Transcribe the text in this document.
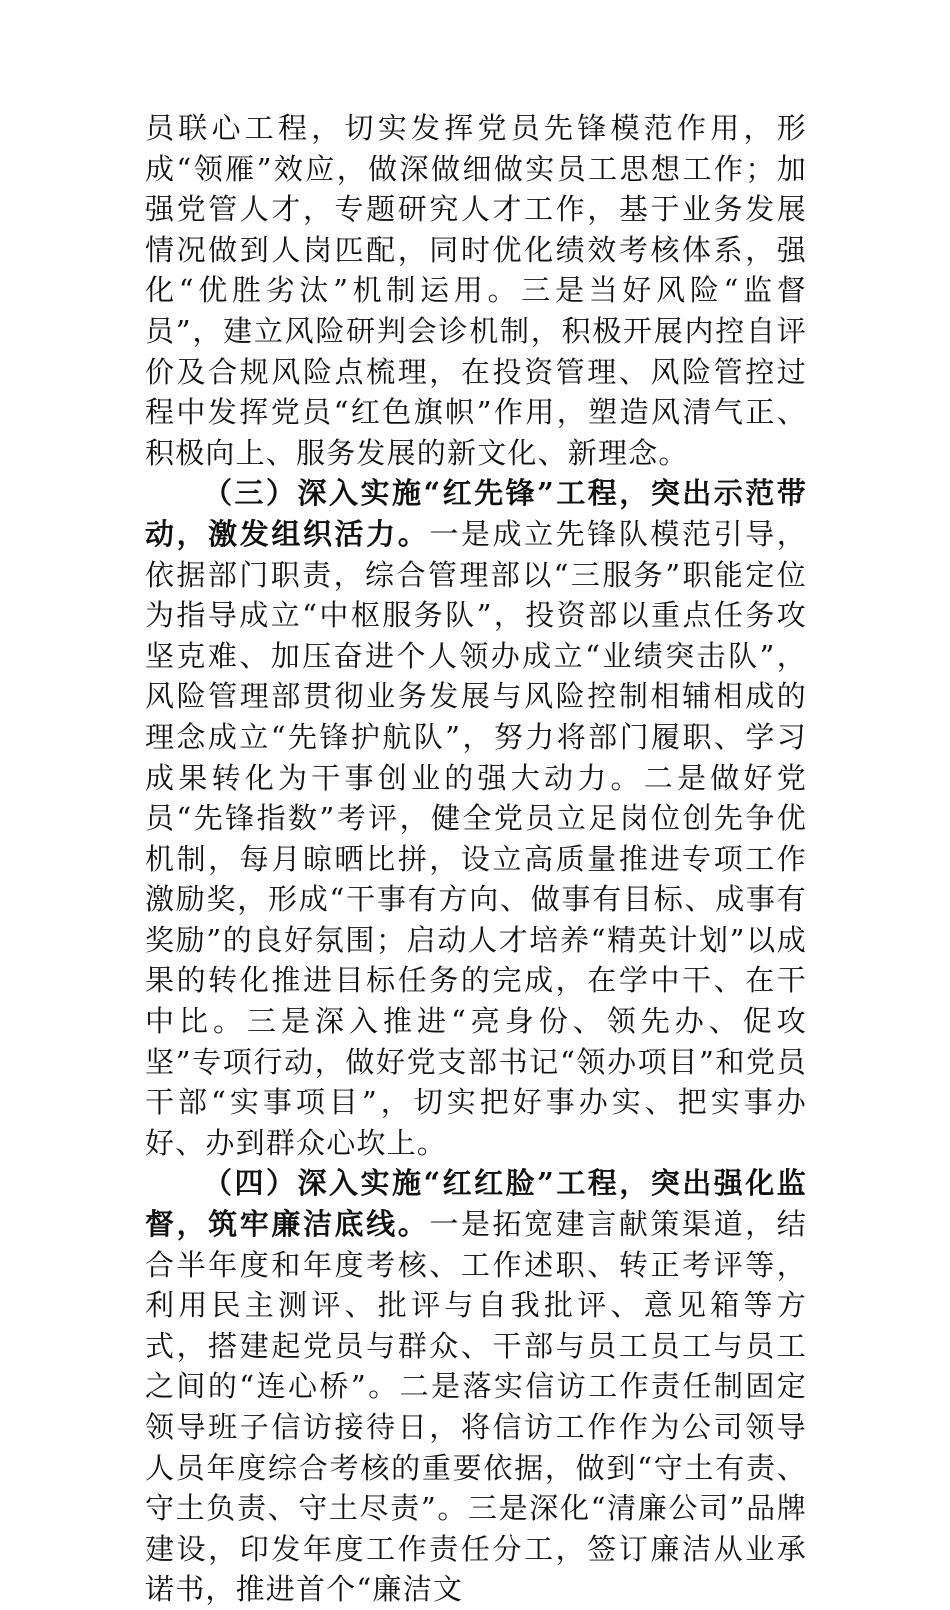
员联心工程，切实发挥党员先锋模范作用，形成“领雁”效应，做深做细做实员工思想工作；加强党管人才，专题研究人才工作，基于业务发展情况做到人岗匹配，同时优化绩效考核体系，强化“优胜劣汰”机制运用。三是当好风险“监督员”，建立风险研判会诊机制，积极开展内控自评价及合规风险点梳理，在投资管理、风险管控过程中发挥党员“红色旗帜”作用，塑造风清气正、积极向上、服务发展的新文化、新理念。

（三）深入实施“红先锋”工程，突出示范带动，激发组织活力。一是成立先锋队模范引导，依据部门职责，综合管理部以“三服务”职能定位为指导成立“中枢服务队”，投资部以重点任务攻坚克难、加压奋进个人领办成立“业绩突击队”，风险管理部贯彻业务发展与风险控制相辅相成的理念成立“先锋护航队”，努力将部门履职、学习成果转化为干事创业的强大动力。二是做好党员“先锋指数”考评，健全党员立足岗位创先争优机制，每月晾晒比拼，设立高质量推进专项工作激励奖，形成“干事有方向、做事有目标、成事有奖励”的良好氛围；启动人才培养“精英计划”以成果的转化推进目标任务的完成，在学中干、在干中比。三是深入推进“亮身份、领先办、促攻坚”专项行动，做好党支部书记“领办项目”和党员干部“实事项目”，切实把好事办实、把实事办好、办到群众心坎上。

（四）深入实施“红红脸”工程，突出强化监督，筑牢廉洁底线。一是拓宽建言献策渠道，结合半年度和年度考核、工作述职、转正考评等，利用民主测评、批评与自我批评、意见箱等方式，搭建起党员与群众、干部与员工员工与员工之间的“连心桥”。二是落实信访工作责任制固定领导班子信访接待日，将信访工作作为公司领导人员年度综合考核的重要依据，做到“守土有责、守土负责、守土尽责”。三是深化“清廉公司”品牌建设，印发年度工作责任分工，签订廉洁从业承诺书，推进首个“廉洁文
